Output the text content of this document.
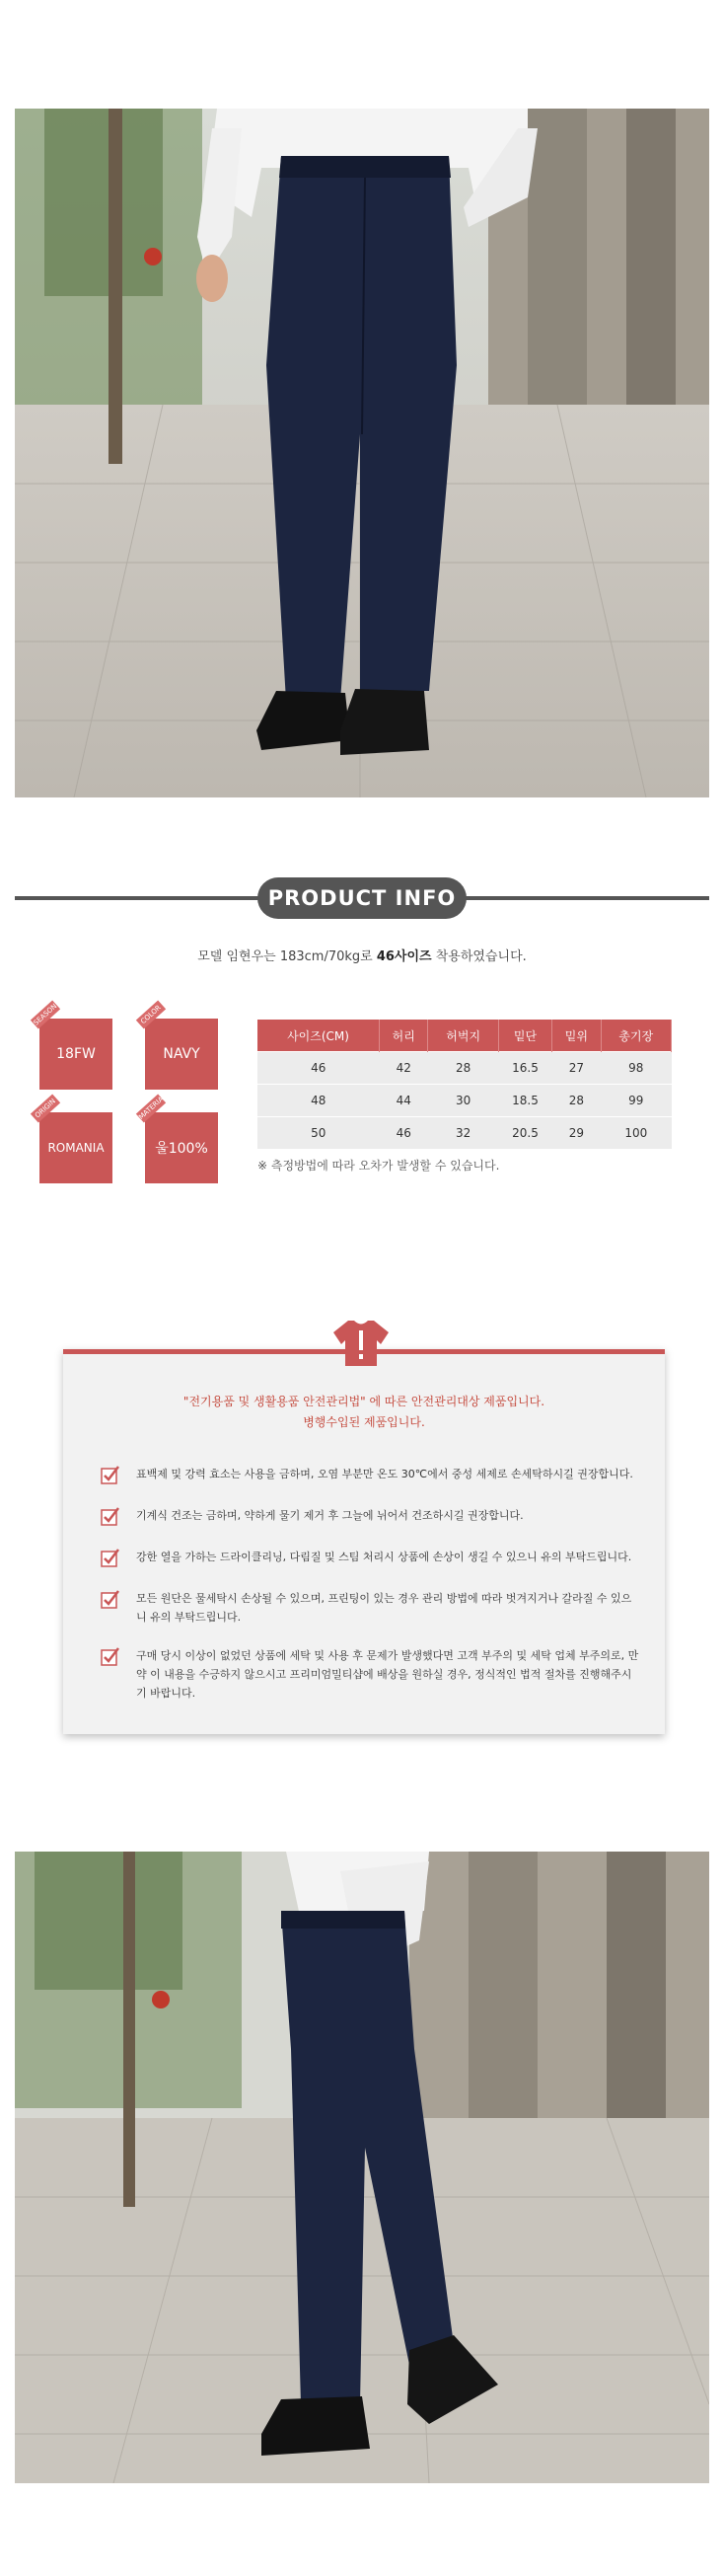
PRODUCT INFO
모델 임현우는 183cm/70kg로 46사이즈 착용하였습니다.
SEASON
18FW
COLOR
NAVY
ORIGIN
ROMANIA
MATERIAL
울100%
사이즈(CM)	허리	허벅지	밑단	밑위	총기장
46	42	28	16.5	27	98
48	44	30	18.5	28	99
50	46	32	20.5	29	100
※ 측정방법에 따라 오차가 발생할 수 있습니다.
"전기용품 및 생활용품 안전관리법" 에 따른 안전관리대상 제품입니다.
병행수입된 제품입니다.
표백제 및 강력 효소는 사용을 금하며, 오염 부분만 온도 30℃에서 중성 세제로 손세탁하시길 권장합니다.
기계식 건조는 금하며, 약하게 물기 제거 후 그늘에 뉘어서 건조하시길 권장합니다.
강한 열을 가하는 드라이클리닝, 다림질 및 스팀 처리시 상품에 손상이 생길 수 있으니 유의 부탁드립니다.
모든 원단은 물세탁시 손상될 수 있으며, 프린팅이 있는 경우 관리 방법에 따라 벗겨지거나 갈라질 수 있으니 유의 부탁드립니다.
구매 당시 이상이 없었던 상품에 세탁 및 사용 후 문제가 발생했다면 고객 부주의 및 세탁 업체 부주의로, 만약 이 내용을 수긍하지 않으시고 프리미엄밀티샵에 배상을 원하실 경우, 정식적인 법적 절차를 진행해주시기 바랍니다.
